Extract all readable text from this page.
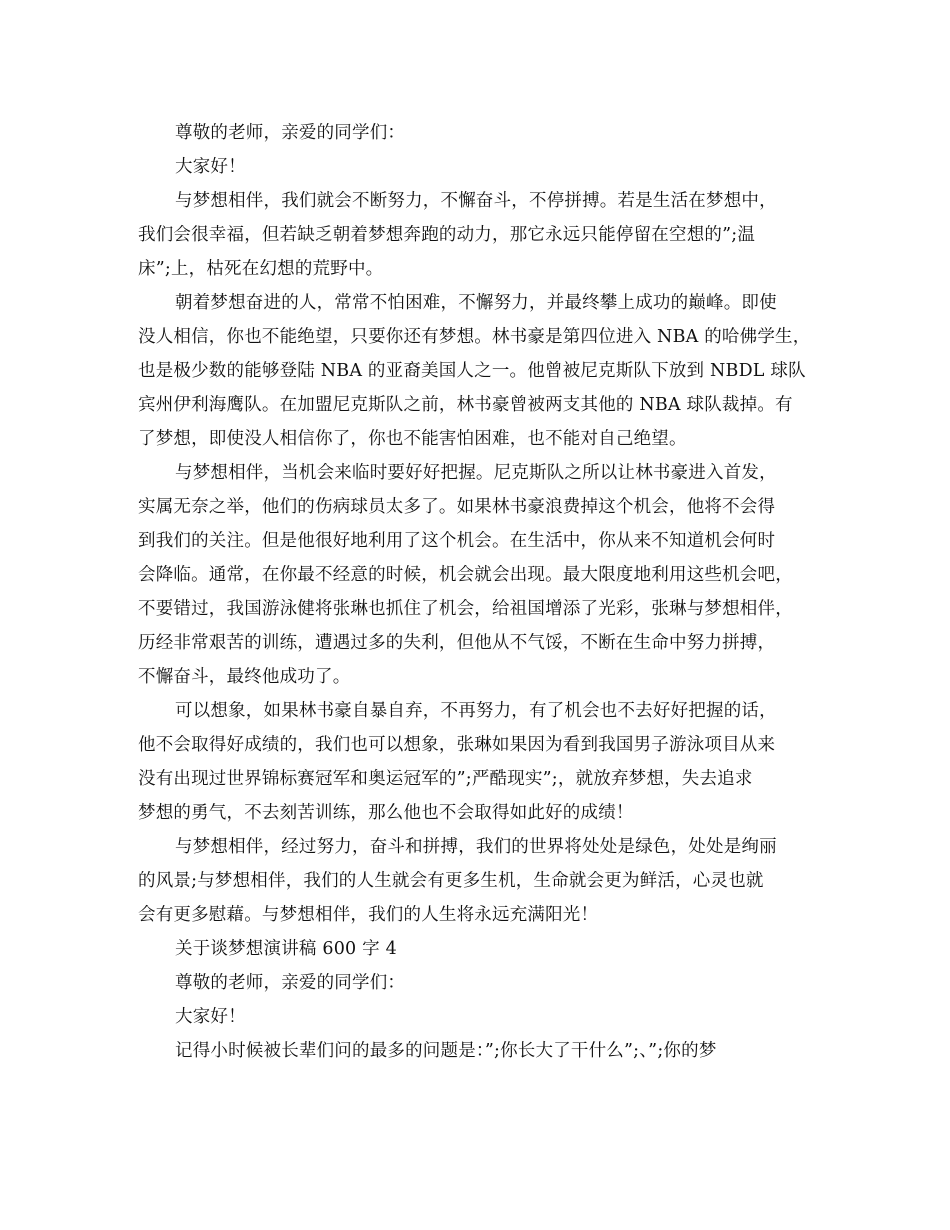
尊敬的老师，亲爱的同学们：
大家好！
与梦想相伴，我们就会不断努力，不懈奋斗，不停拼搏。若是生活在梦想中，
我们会很幸福，但若缺乏朝着梦想奔跑的动力，那它永远只能停留在空想的”;温
床”;上，枯死在幻想的荒野中。
朝着梦想奋进的人，常常不怕困难，不懈努力，并最终攀上成功的巅峰。即使
没人相信，你也不能绝望，只要你还有梦想。林书豪是第四位进入 NBA 的哈佛学生，
也是极少数的能够登陆 NBA 的亚裔美国人之一。他曾被尼克斯队下放到 NBDL 球队
宾州伊利海鹰队。在加盟尼克斯队之前，林书豪曾被两支其他的 NBA 球队裁掉。有
了梦想，即使没人相信你了，你也不能害怕困难，也不能对自己绝望。
与梦想相伴，当机会来临时要好好把握。尼克斯队之所以让林书豪进入首发，
实属无奈之举，他们的伤病球员太多了。如果林书豪浪费掉这个机会，他将不会得
到我们的关注。但是他很好地利用了这个机会。在生活中，你从来不知道机会何时
会降临。通常，在你最不经意的时候，机会就会出现。最大限度地利用这些机会吧，
不要错过，我国游泳健将张琳也抓住了机会，给祖国增添了光彩，张琳与梦想相伴，
历经非常艰苦的训练，遭遇过多的失利，但他从不气馁，不断在生命中努力拼搏，
不懈奋斗，最终他成功了。
可以想象，如果林书豪自暴自弃，不再努力，有了机会也不去好好把握的话，
他不会取得好成绩的，我们也可以想象，张琳如果因为看到我国男子游泳项目从来
没有出现过世界锦标赛冠军和奥运冠军的”;严酷现实”;，就放弃梦想，失去追求
梦想的勇气，不去刻苦训练，那么他也不会取得如此好的成绩！
与梦想相伴，经过努力，奋斗和拼搏，我们的世界将处处是绿色，处处是绚丽
的风景;与梦想相伴，我们的人生就会有更多生机，生命就会更为鲜活，心灵也就
会有更多慰藉。与梦想相伴，我们的人生将永远充满阳光！
关于谈梦想演讲稿 600 字 4
尊敬的老师，亲爱的同学们：
大家好！
记得小时候被长辈们问的最多的问题是：”;你长大了干什么”;、”;你的梦
